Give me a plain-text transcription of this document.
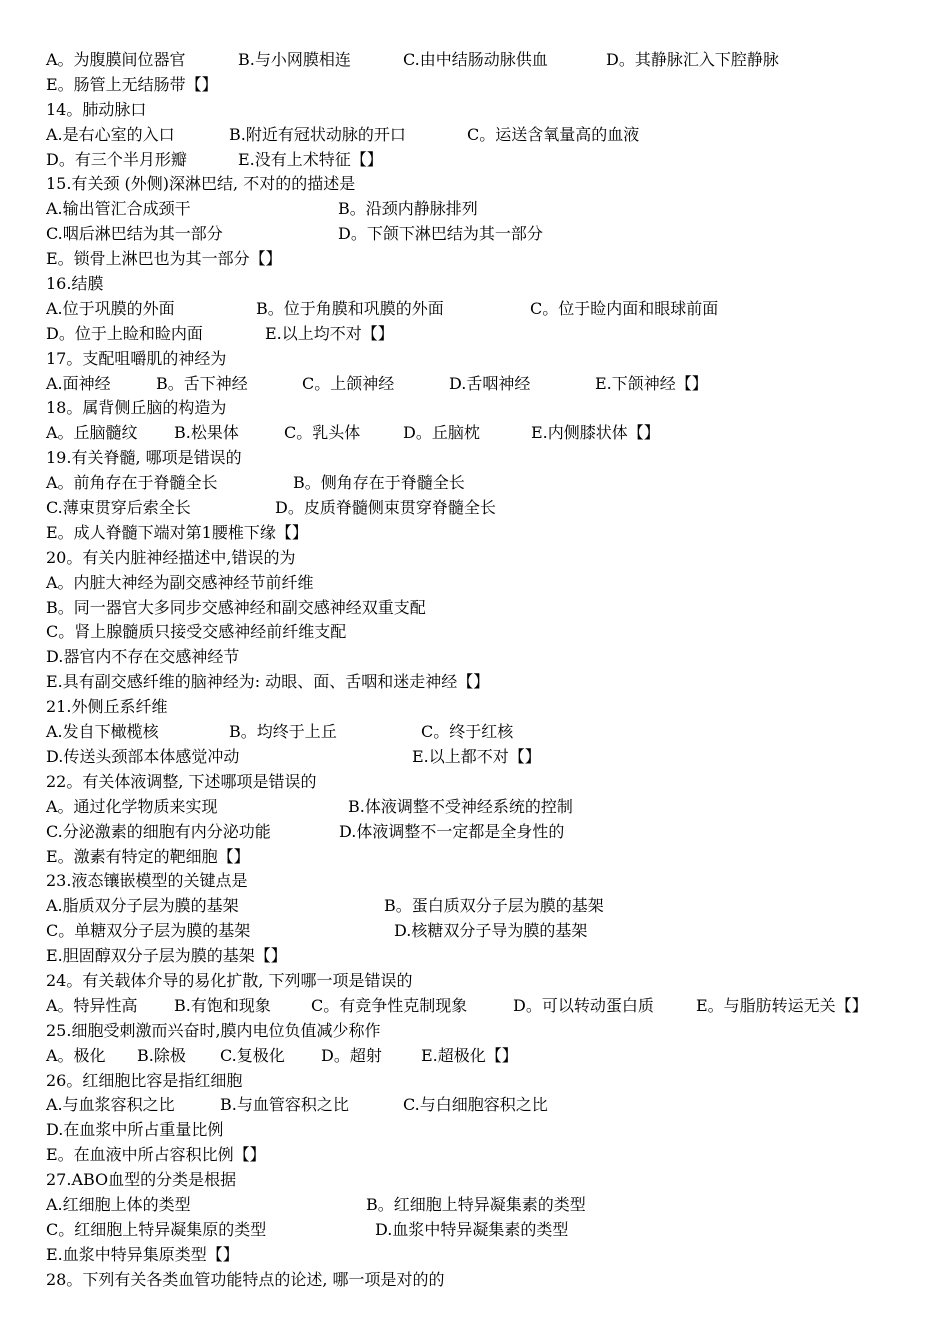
A。为腹膜间位器官	B.与小网膜相连	C.由中结肠动脉供血	D。其静脉汇入下腔静脉
E。肠管上无结肠带【】
14。肺动脉口
A.是右心室的入口	B.附近有冠状动脉的开口	C。运送含氧量高的血液
D。有三个半月形瓣	E.没有上术特征【】
15.有关颈 (外侧)深淋巴结, 不对的的描述是
A.输出管汇合成颈干	B。沿颈内静脉排列
C.咽后淋巴结为其一部分	D。下颌下淋巴结为其一部分
E。锁骨上淋巴也为其一部分【】
16.结膜
A.位于巩膜的外面	B。位于角膜和巩膜的外面	C。位于睑内面和眼球前面
D。位于上睑和睑内面	E.以上均不对【】
17。支配咀嚼肌的神经为
A.面神经	B。舌下神经	C。上颌神经	D.舌咽神经	E.下颌神经【】
18。属背侧丘脑的构造为
A。丘脑髓纹 B.松果体	C。乳头体	D。丘脑枕	E.内侧膝状体【】
19.有关脊髓, 哪项是错误的
A。前角存在于脊髓全长	B。侧角存在于脊髓全长
C.薄束贯穿后索全长	D。皮质脊髓侧束贯穿脊髓全长
E。成人脊髓下端对第1腰椎下缘【】
20。有关内脏神经描述中,错误的为
A。内脏大神经为副交感神经节前纤维
B。同一器官大多同步交感神经和副交感神经双重支配
C。肾上腺髓质只接受交感神经前纤维支配
D.器官内不存在交感神经节
E.具有副交感纤维的脑神经为: 动眼、面、舌咽和迷走神经【】
21.外侧丘系纤维
A.发自下橄榄核	B。均终于上丘	C。终于红核
D.传送头颈部本体感觉冲动	E.以上都不对【】
22。有关体液调整, 下述哪项是错误的
A。通过化学物质来实现	B.体液调整不受神经系统的控制
C.分泌激素的细胞有内分泌功能	D.体液调整不一定都是全身性的
E。激素有特定的靶细胞【】
23.液态镶嵌模型的关键点是
A.脂质双分子层为膜的基架	B。蛋白质双分子层为膜的基架
C。单糖双分子层为膜的基架	D.核糖双分子导为膜的基架
E.胆固醇双分子层为膜的基架【】
24。有关载体介导的易化扩散, 下列哪一项是错误的
A。特异性高 B.有饱和现象	C。有竞争性克制现象	D。可以转动蛋白质	E。与脂肪转运无关【】
25.细胞受刺激而兴奋时,膜内电位负值减少称作
A。极化 B.除极 C.复极化 D。超射 E.超极化【】
26。红细胞比容是指红细胞
A.与血浆容积之比	B.与血管容积之比	C.与白细胞容积之比
D.在血浆中所占重量比例
E。在血液中所占容积比例【】
27.ABO血型的分类是根据
A.红细胞上体的类型	B。红细胞上特异凝集素的类型
C。红细胞上特异凝集原的类型	D.血浆中特异凝集素的类型
E.血浆中特异集原类型【】
28。下列有关各类血管功能特点的论述, 哪一项是对的的
